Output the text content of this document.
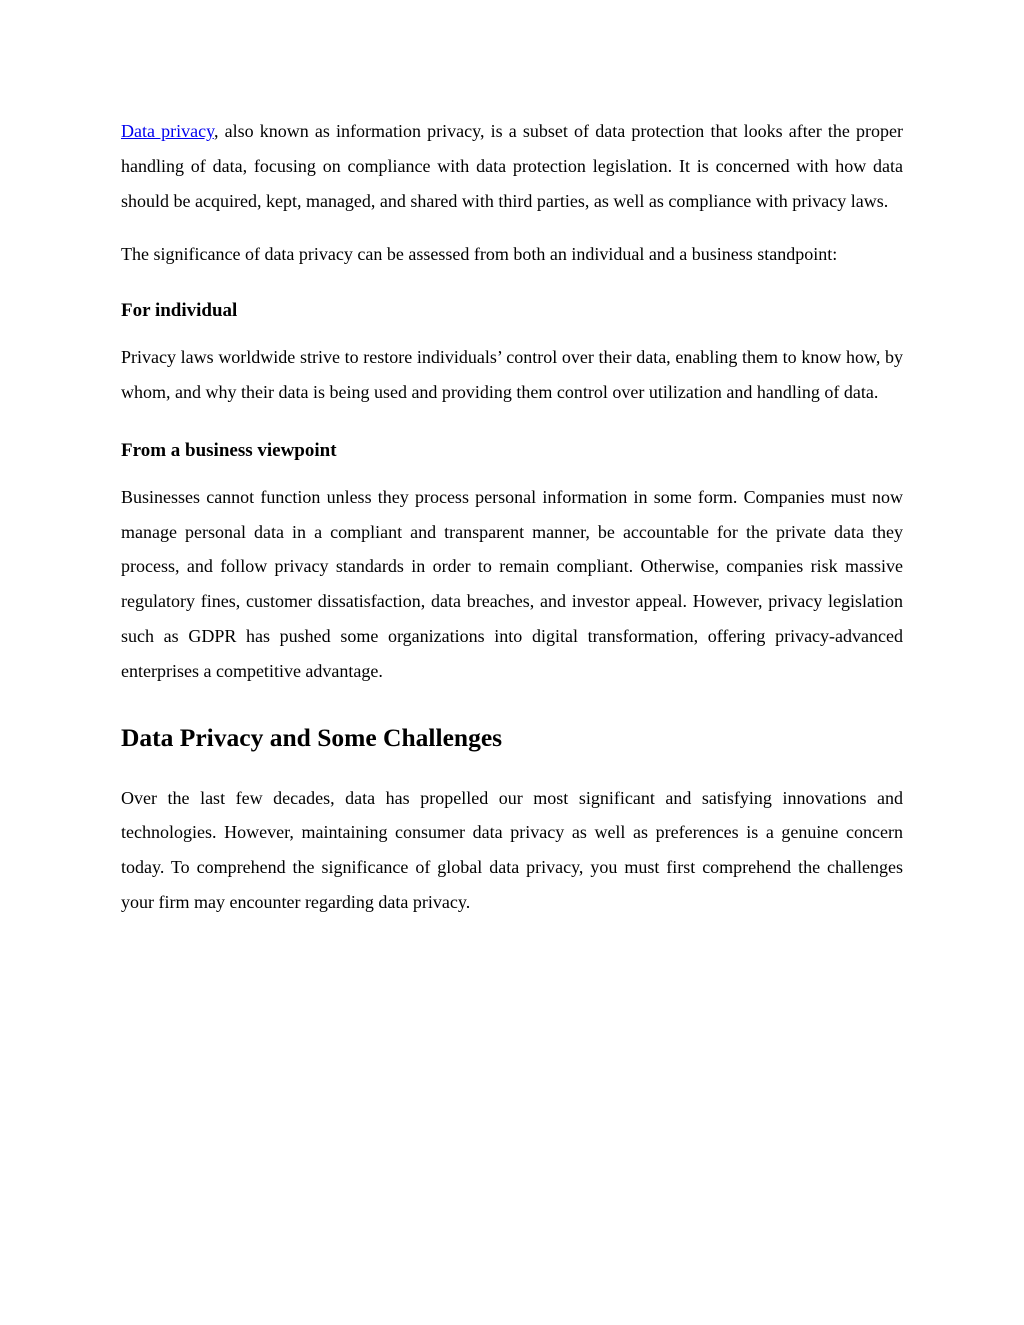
Data privacy, also known as information privacy, is a subset of data protection that looks after the proper handling of data, focusing on compliance with data protection legislation. It is concerned with how data should be acquired, kept, managed, and shared with third parties, as well as compliance with privacy laws.

The significance of data privacy can be assessed from both an individual and a business standpoint:

For individual

Privacy laws worldwide strive to restore individuals’ control over their data, enabling them to know how, by whom, and why their data is being used and providing them control over utilization and handling of data.

From a business viewpoint

Businesses cannot function unless they process personal information in some form. Companies must now manage personal data in a compliant and transparent manner, be accountable for the private data they process, and follow privacy standards in order to remain compliant. Otherwise, companies risk massive regulatory fines, customer dissatisfaction, data breaches, and investor appeal. However, privacy legislation such as GDPR has pushed some organizations into digital transformation, offering privacy-advanced enterprises a competitive advantage.

Data Privacy and Some Challenges

Over the last few decades, data has propelled our most significant and satisfying innovations and technologies. However, maintaining consumer data privacy as well as preferences is a genuine concern today. To comprehend the significance of global data privacy, you must first comprehend the challenges your firm may encounter regarding data privacy.
